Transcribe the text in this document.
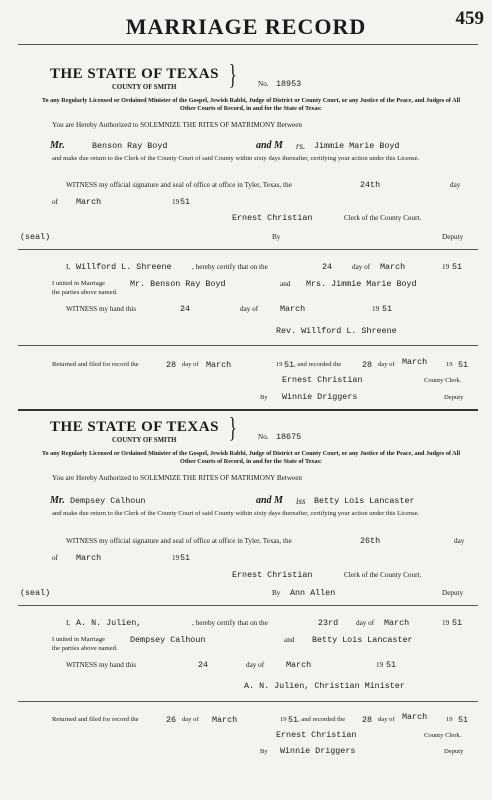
MARRIAGE RECORD	459
THE STATE OF TEXAS
COUNTY OF SMITH }	No. 18953
To any Regularly Licensed or Ordained Minister of the Gospel, Jewish Rabbi, Judge of District or County Court, or any Justice of the Peace, and Judges of All Other Courts of Record, in and for the State of Texas:
You are Hereby Authorized to SOLEMNIZE THE RITES OF MATRIMONY Between
Mr.	Benson Ray Boyd	and M rs. Jimmie Marie Boyd
and make due return to the Clerk of the County Court of said County within sixty days thereafter, certifying your action under this License.
WITNESS my official signature and seal of office at office in Tyler, Texas, the	24th	day
of March	19 51
Ernest Christian	Clerk of the County Court.
(seal)	By	Deputy
I, Willford L. Shreene	, hereby certify that on the	24	day of March	19 51
I united in Marriage	Mr. Benson Ray Boyd	and Mrs. Jimmie Marie Boyd
the parties above named.
WITNESS my hand this	24	day of	March	19 51
Rev. Willford L. Shreene
Returned and filed for record the	28 day of March	19 51 , and recorded the 28 day of March	19 51
Ernest Christian	County Clerk.
By Winnie Driggers	Deputy
THE STATE OF TEXAS
COUNTY OF SMITH }	No. 18675
To any Regularly Licensed or Ordained Minister of the Gospel, Jewish Rabbi, Judge of District or County Court, or any Justice of the Peace, and Judges of All Other Courts of Record, in and for the State of Texas:
You are Hereby Authorized to SOLEMNIZE THE RITES OF MATRIMONY Between
Mr. Dempsey Calhoun	and M iss Betty Lois Lancaster
and make due return to the Clerk of the County Court of said County within sixty days thereafter, certifying your action under this License.
WITNESS my official signature and seal of office at office in Tyler, Texas, the	26th	day
of March	19 51
Ernest Christian	Clerk of the County Court.
(seal)	By Ann Allen	Deputy
I, A. N. Julien,	, hereby certify that on the	23rd day of March	19 51
I united in Marriage	Dempsey Calhoun	and Betty Lois Lancaster
the parties above named.
WITNESS my hand this	24	day of	March	19 51
A. N. Julien, Christian Minister
Returned and filed for record the	26 day of March	19 51 , and recorded the 28 day of March	19 51
Ernest Christian	County Clerk.
By Winnie Driggers	Deputy
